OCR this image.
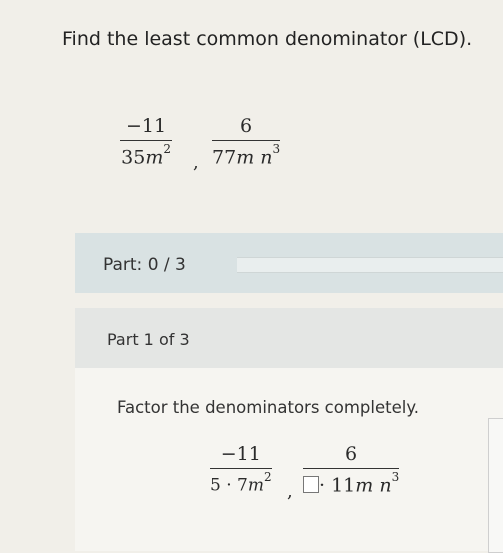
Find the least common denominator (LCD).
$\frac{-11}{35m^2}$ , $\frac{6}{77m n^3}$
Part: 0 / 3
Part 1 of 3
Factor the denominators completely.
$\frac{-11}{5 \cdot 7m^2}$ , $\frac{6}{\cdot 11m n^3}$
